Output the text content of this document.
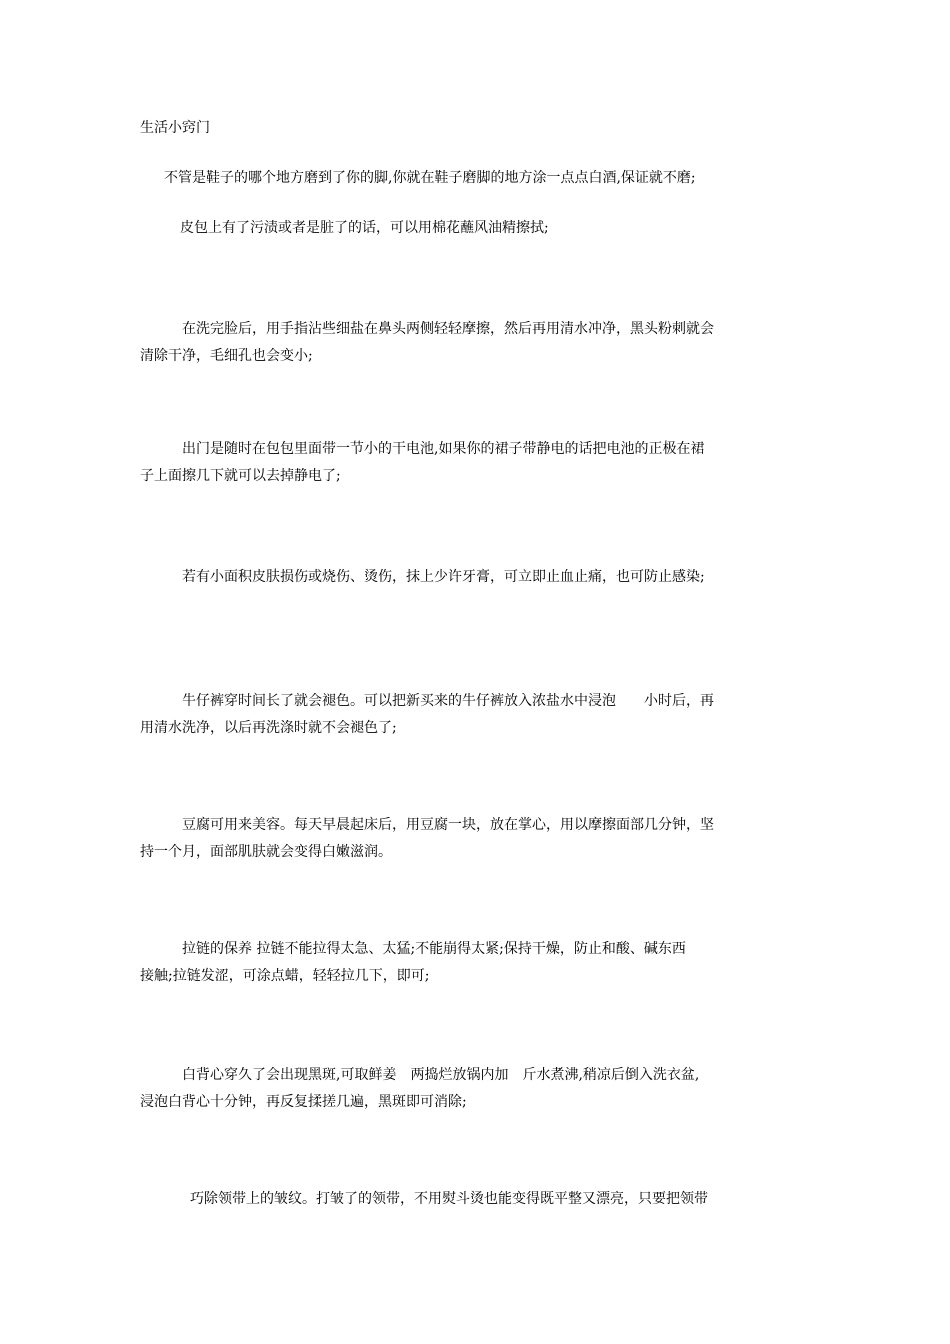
生活小窍门

不管是鞋子的哪个地方磨到了你的脚,你就在鞋子磨脚的地方涂一点点白酒,保证就不磨;

皮包上有了污渍或者是脏了的话，可以用棉花蘸风油精擦拭;

在洗完脸后，用手指沾些细盐在鼻头两侧轻轻摩擦，然后再用清水冲净，黑头粉刺就会
清除干净，毛细孔也会变小;

出门是随时在包包里面带一节小的干电池,如果你的裙子带静电的话把电池的正极在裙
子上面擦几下就可以去掉静电了;

若有小面积皮肤损伤或烧伤、烫伤，抹上少许牙膏，可立即止血止痛，也可防止感染;

牛仔裤穿时间长了就会褪色。可以把新买来的牛仔裤放入浓盐水中浸泡　　小时后，再
用清水洗净，以后再洗涤时就不会褪色了;

豆腐可用来美容。每天早晨起床后，用豆腐一块，放在掌心，用以摩擦面部几分钟，坚
持一个月，面部肌肤就会变得白嫩滋润。

拉链的保养 拉链不能拉得太急、太猛;不能崩得太紧;保持干燥，防止和酸、碱东西
接触;拉链发涩，可涂点蜡，轻轻拉几下，即可;

白背心穿久了会出现黑斑,可取鲜姜　两捣烂放锅内加　斤水煮沸,稍凉后倒入洗衣盆,
浸泡白背心十分钟，再反复揉搓几遍，黑斑即可消除;

巧除领带上的皱纹。打皱了的领带，不用熨斗烫也能变得既平整又漂亮，只要把领带
